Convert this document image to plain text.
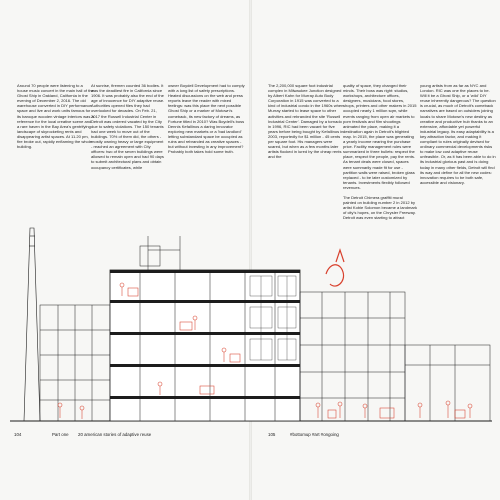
Around 70 people were listening to a house music concert in the main hall of the Ghost Ship in Oakland, California in the evening of December 2, 2016. The old warehouse converted in DIY performance space and live and work units famous for its baroque wooden vintage interiors was a reference for the local creative scene and a rare haven in the Bay Area's gentrifying landscape of skyrocketing rents and disappearing artist spaces. At 11.20 pm, fire broke out, rapidly enflaming the whole building.

At sunrise, firemen counted 36 bodies. It was the deadliest fire in California since 1906. It was probably also the end of the age of innocence for DIY adaptive reuse. Authorities opened files they had overlooked for decades. On Feb. 21, 2017 the Russell Industrial Center in Detroit was ordered vacated by the City due to safety violations. The 150 tenants had one week to move out of the buildings. 70% of them did, the others - mostly owning heavy or large equipment - reached an agreement with City officers: two of the seven buildings were allowed to remain open and had 90 days to submit architectural plans and obtain occupancy certificates, while

owner Boydell Development had to comply with a long list of safety prescriptions. Heated discussions on the web and press reports leave the reader with mixed feelings: was this place the next possible Ghost Ship or a marker of Motown's comeback, its new factory of dreams, as Fortune titled in 2010? Was Boydell's boss Dennis Kefallinos a daring innovator exploring new markets or a 'bad landlord' letting substandard space be occupied as ruins and rebranded as creative spaces - but without investing in any improvement? Probably both takes hold some truth.

The 2,200,000 square foot industrial complex in Milwaukee Junction designed by Albert Kahn for Murray Auto Body Corporation in 1915 was converted to a kind of industrial condo in the 1960s when Murray started to lease space to other activities and rebranded the site 'Russell Industrial Center'. Damaged by a tornado in 1996, RIC had been vacant for five years before being bought by Kefallinos in 2003, reportedly for $1 million - 45 cents per square foot. His managers were scared, but when as a few months later artists flocked in lured by the cheap rents and the

quality of space, they changed their minds. Their boss was right: studios, workshops, architecture offices, designers, musicians, food stores, shops, printers and other makers in 2015 occupied nearly 1 million sqm, while events ranging from open air markets to porn festivals and film shootings animated the place, making it a destination again in Detroit's blighted map. In 2015, the place was generating a yearly income nearing the purchase price. Facility management rules were summarized in three bullets: respect the place, respect the people, pay the rents. As tenant deals were closed, spaces were summarily made fit for use - partition walls were raised, broken glass replaced - to be later customized by tenants. Investments flexibly followed revenues.

The Detroit Chimera graffiti mural painted on building number 2 in 2012 by artist Kobie Solomon became a landmark of city's hopes, on the Chrysler Freeway. Detroit was even starting to attract

young artists from as far as NYC and London. RIC was one the places to be. Will it be a Ghost Ship, or a 'wild' DIY reuse inherently dangerous? The question is crucial, as much of Detroit's comeback narratives are based on outsiders joining locals to share Motown's new destiny as creative and productive hub thanks to an extensive, affordable yet powerful industrial legacy. Its easy adaptability is a key attraction factor, and making it compliant to rules originally devised for ordinary commercial developments risks to make low cost adaptive reuse unfeasible. Or, as it has been able to do in its industrial glorious past and is doing today in many other fields, Detroit will find its way and define for all the new codes: innovation requires to be both safe, accessible and visionary.

104	Part one 20 american stories of adaptive reuse	105	#bottomup #art #ongoing
